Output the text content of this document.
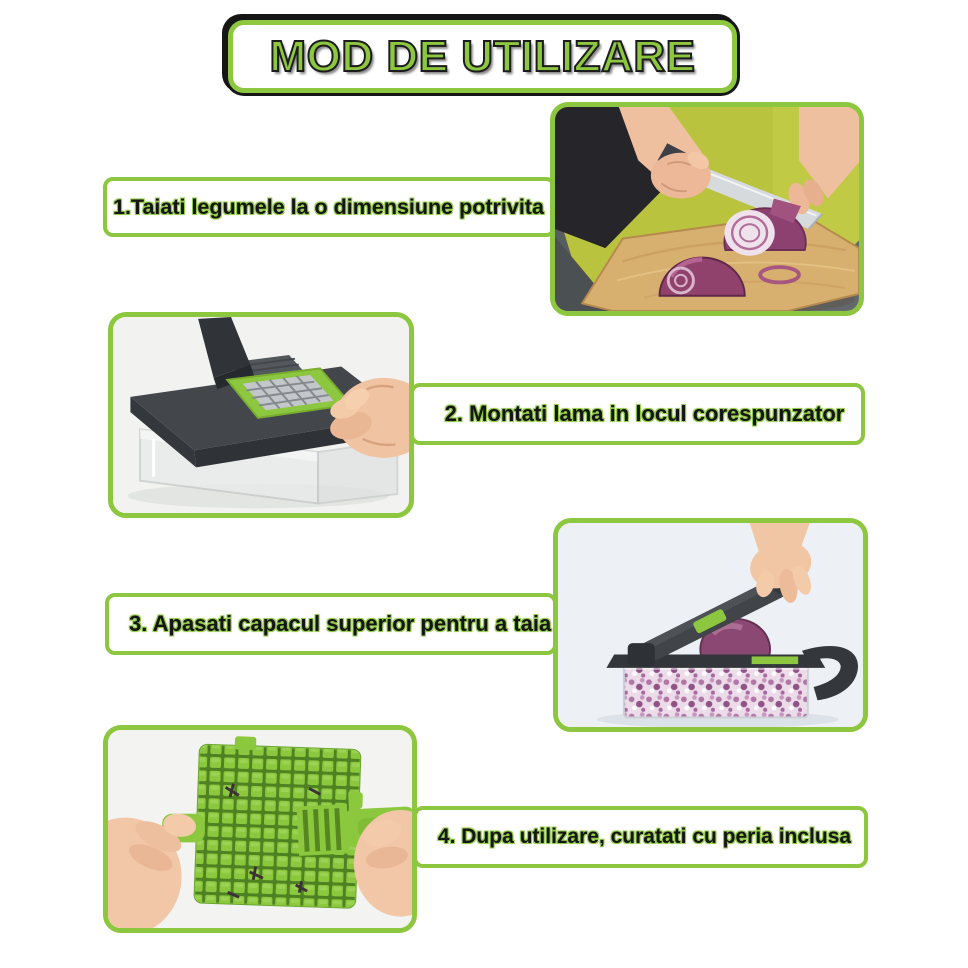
MOD DE UTILIZARE
1.Taiati legumele la o dimensiune potrivita
2. Montati lama in locul corespunzator
3. Apasati capacul superior pentru a taia
4. Dupa utilizare, curatati cu peria inclusa
